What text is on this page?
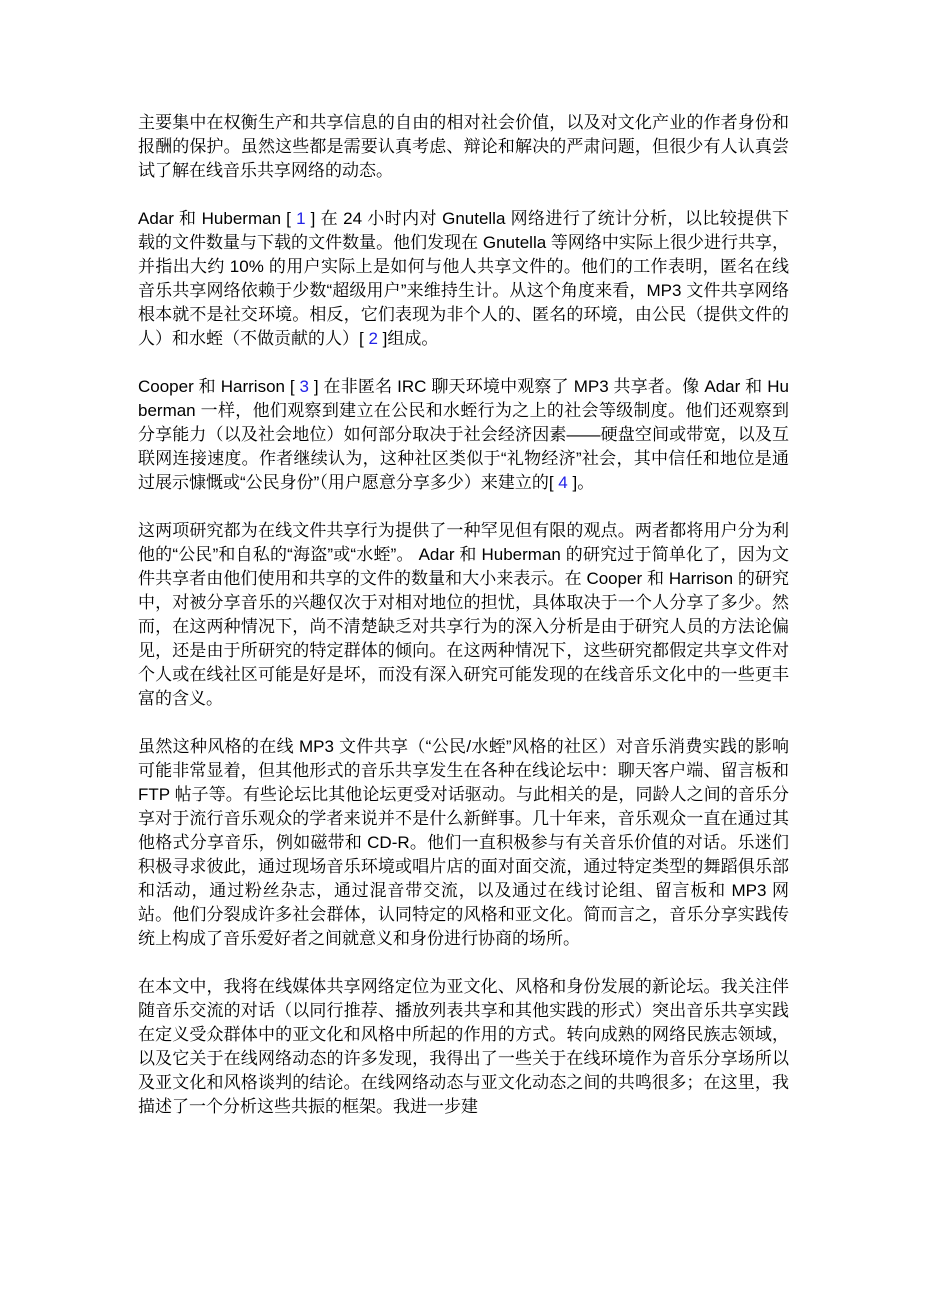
主要集中在权衡生产和共享信息的自由的相对社会价值，以及对文化产业的作者身份和报酬的保护。虽然这些都是需要认真考虑、辩论和解决的严肃问题，但很少有人认真尝试了解在线音乐共享网络的动态。

Adar 和 Huberman [ 1 ] 在 24 小时内对 Gnutella 网络进行了统计分析，以比较提供下载的文件数量与下载的文件数量。他们发现在 Gnutella 等网络中实际上很少进行共享，并指出大约 10% 的用户实际上是如何与他人共享文件的。他们的工作表明，匿名在线音乐共享网络依赖于少数“超级用户”来维持生计。从这个角度来看，MP3 文件共享网络根本就不是社交环境。相反，它们表现为非个人的、匿名的环境，由公民（提供文件的人）和水蛭（不做贡献的人）[ 2 ]组成。

Cooper 和 Harrison [ 3 ] 在非匿名 IRC 聊天环境中观察了 MP3 共享者。像 Adar 和 Huberman 一样，他们观察到建立在公民和水蛭行为之上的社会等级制度。他们还观察到分享能力（以及社会地位）如何部分取决于社会经济因素——硬盘空间或带宽，以及互联网连接速度。作者继续认为，这种社区类似于“礼物经济”社会，其中信任和地位是通过展示慷慨或“公民身份”（用户愿意分享多少）来建立的[ 4 ]。

这两项研究都为在线文件共享行为提供了一种罕见但有限的观点。两者都将用户分为利他的“公民”和自私的“海盗”或“水蛭”。 Adar 和 Huberman 的研究过于简单化了，因为文件共享者由他们使用和共享的文件的数量和大小来表示。在 Cooper 和 Harrison 的研究中，对被分享音乐的兴趣仅次于对相对地位的担忧，具体取决于一个人分享了多少。然而，在这两种情况下，尚不清楚缺乏对共享行为的深入分析是由于研究人员的方法论偏见，还是由于所研究的特定群体的倾向。在这两种情况下，这些研究都假定共享文件对个人或在线社区可能是好是坏，而没有深入研究可能发现的在线音乐文化中的一些更丰富的含义。

虽然这种风格的在线 MP3 文件共享（“公民/水蛭”风格的社区）对音乐消费实践的影响可能非常显着，但其他形式的音乐共享发生在各种在线论坛中：聊天客户端、留言板和 FTP 帖子等。有些论坛比其他论坛更受对话驱动。与此相关的是，同龄人之间的音乐分享对于流行音乐观众的学者来说并不是什么新鲜事。几十年来，音乐观众一直在通过其他格式分享音乐，例如磁带和 CD-R。他们一直积极参与有关音乐价值的对话。乐迷们积极寻求彼此，通过现场音乐环境或唱片店的面对面交流，通过特定类型的舞蹈俱乐部和活动，通过粉丝杂志，通过混音带交流，以及通过在线讨论组、留言板和 MP3 网站。他们分裂成许多社会群体，认同特定的风格和亚文化。简而言之，音乐分享实践传统上构成了音乐爱好者之间就意义和身份进行协商的场所。

在本文中，我将在线媒体共享网络定位为亚文化、风格和身份发展的新论坛。我关注伴随音乐交流的对话（以同行推荐、播放列表共享和其他实践的形式）突出音乐共享实践在定义受众群体中的亚文化和风格中所起的作用的方式。转向成熟的网络民族志领域，以及它关于在线网络动态的许多发现，我得出了一些关于在线环境作为音乐分享场所以及亚文化和风格谈判的结论。在线网络动态与亚文化动态之间的共鸣很多；在这里，我描述了一个分析这些共振的框架。我进一步建
